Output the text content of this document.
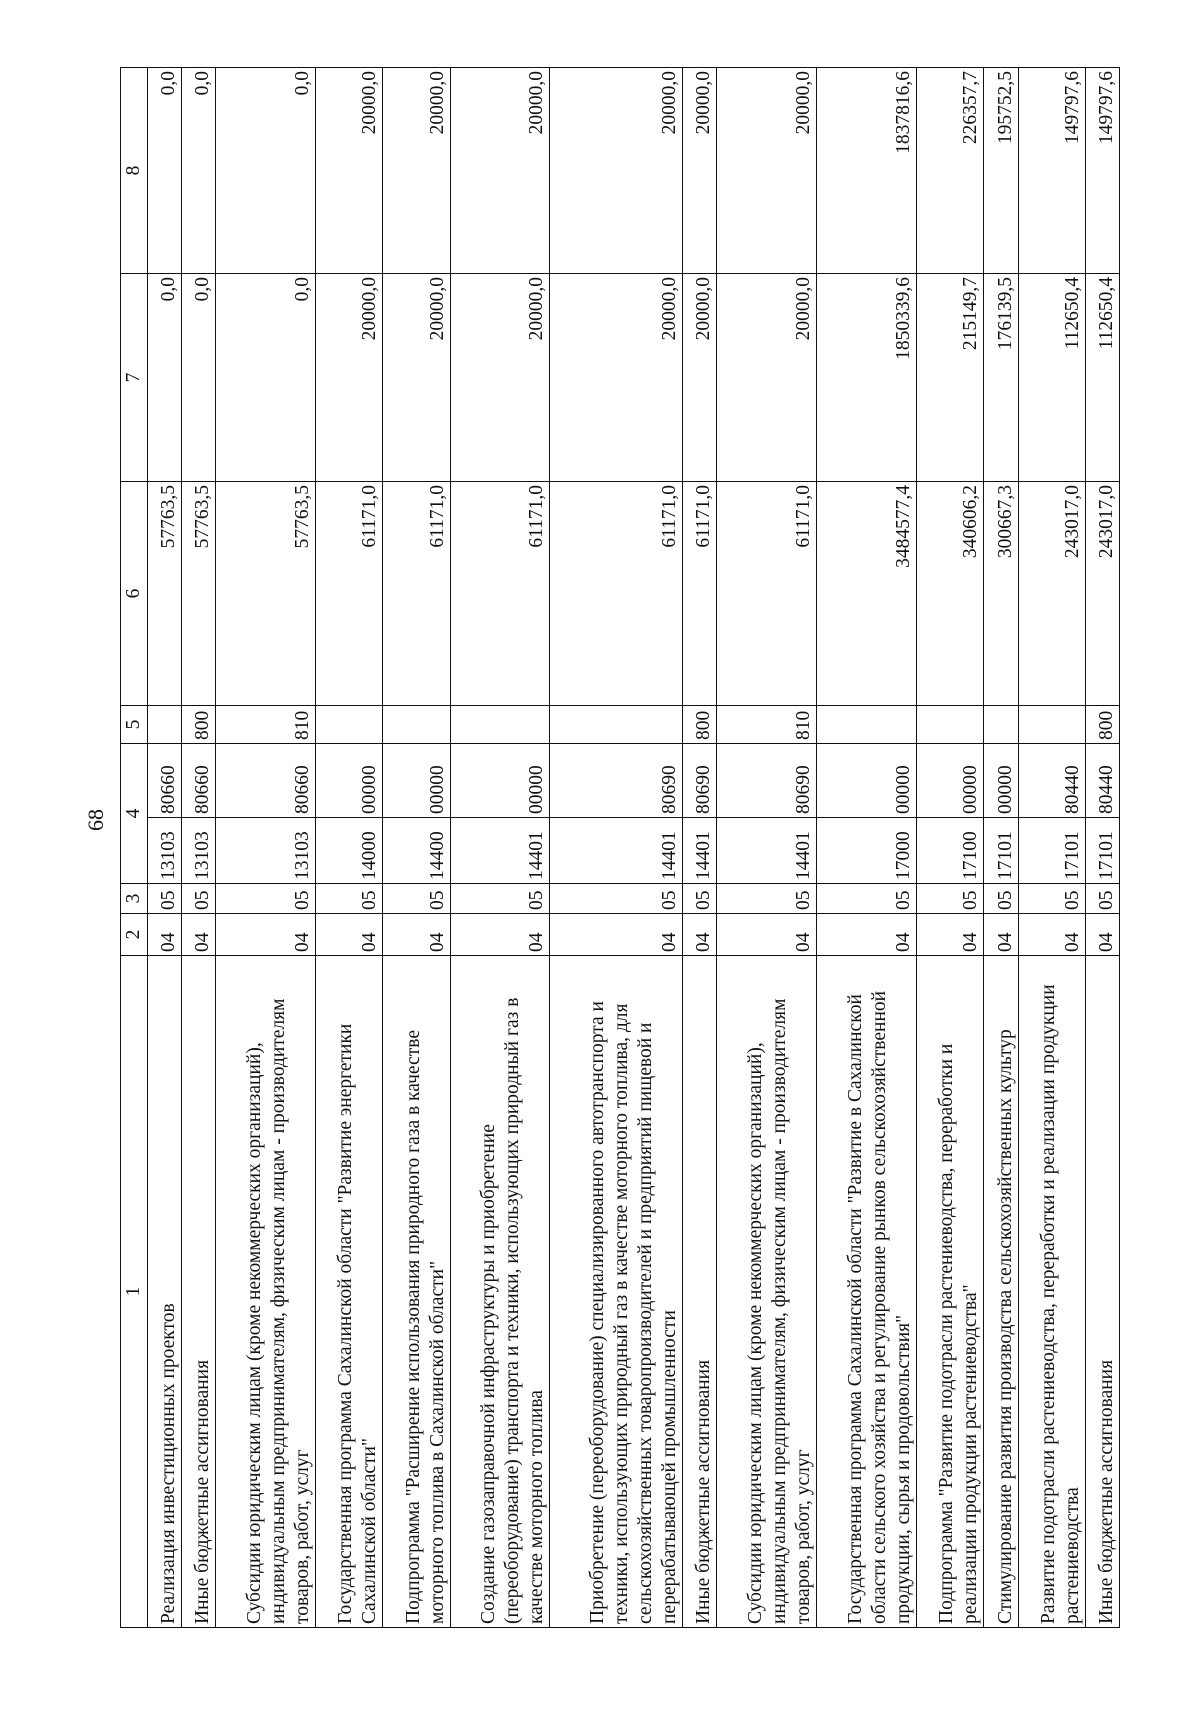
68
1	2	3	4		5	6	7	8
Реализация инвестиционных проектов	04	05	13103	80660		57763,5	0,0	0,0
Иные бюджетные ассигнования	04	05	13103	80660	800	57763,5	0,0	0,0
Субсидии юридическим лицам (кроме некоммерческих организаций), индивидуальным предпринимателям, физическим лицам - производителям товаров, работ, услуг	04	05	13103	80660	810	57763,5	0,0	0,0
Государственная программа Сахалинской области "Развитие энергетики Сахалинской области"	04	05	14000	00000		61171,0	20000,0	20000,0
Подпрограмма "Расширение использования природного газа в качестве моторного топлива в Сахалинской области"	04	05	14400	00000		61171,0	20000,0	20000,0
Создание газозаправочной инфраструктуры и приобретение (переоборудование) транспорта и техники, использующих природный газ в качестве моторного топлива	04	05	14401	00000		61171,0	20000,0	20000,0
Приобретение (переоборудование) специализированного автотранспорта и техники, использующих природный газ в качестве моторного топлива, для сельскохозяйственных товаропроизводителей и предприятий пищевой и перерабатывающей промышленности	04	05	14401	80690		61171,0	20000,0	20000,0
Иные бюджетные ассигнования	04	05	14401	80690	800	61171,0	20000,0	20000,0
Субсидии юридическим лицам (кроме некоммерческих организаций), индивидуальным предпринимателям, физическим лицам - производителям товаров, работ, услуг	04	05	14401	80690	810	61171,0	20000,0	20000,0
Государственная программа Сахалинской области "Развитие в Сахалинской области сельского хозяйства и регулирование рынков сельскохозяйственной продукции, сырья и продовольствия"	04	05	17000	00000		3484577,4	1850339,6	1837816,6
Подпрограмма "Развитие подотрасли растениеводства, переработки и реализации продукции растениеводства"	04	05	17100	00000		340606,2	215149,7	226357,7
Стимулирование развития производства сельскохозяйственных культур	04	05	17101	00000		300667,3	176139,5	195752,5
Развитие подотрасли растениеводства, переработки и реализации продукции растениеводства	04	05	17101	80440		243017,0	112650,4	149797,6
Иные бюджетные ассигнования	04	05	17101	80440	800	243017,0	112650,4	149797,6
